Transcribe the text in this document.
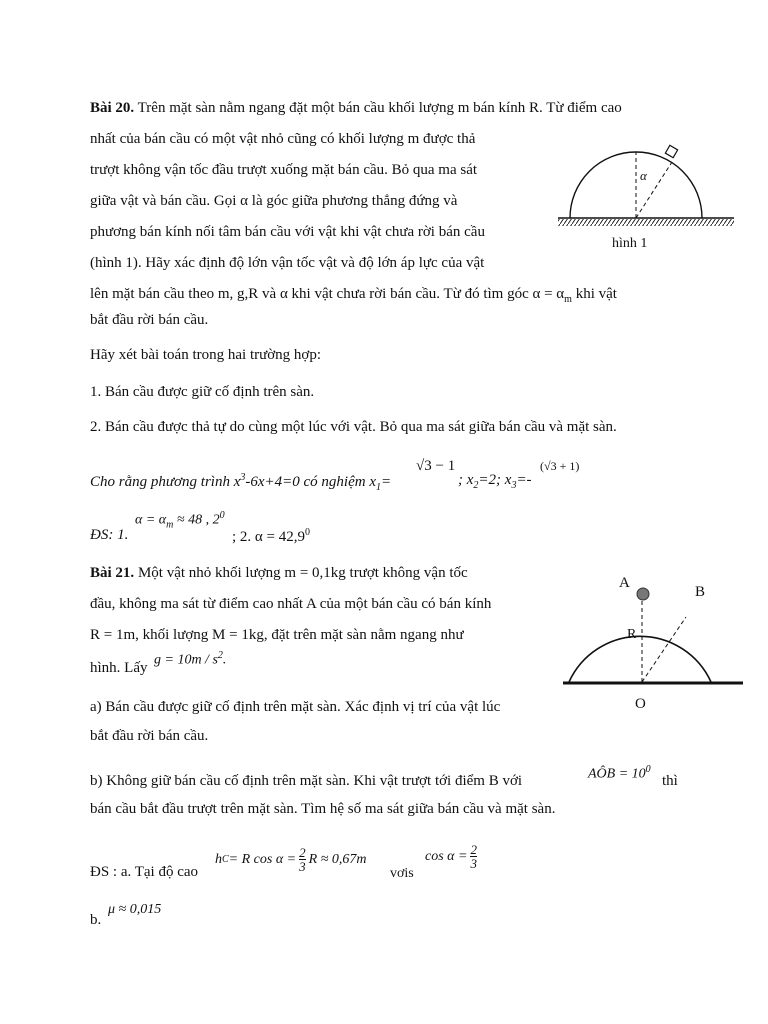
Bài 20. Trên mặt sàn nằm ngang đặt một bán cầu khối lượng m bán kính R. Từ điểm cao
nhất của bán cầu có một vật nhỏ cũng có khối lượng m được thả
trượt không vận tốc đầu trượt xuống mặt bán cầu. Bỏ qua ma sát
giữa vật và bán cầu. Gọi α là góc giữa phương thẳng đứng và
phương bán kính nối tâm bán cầu với vật khi vật chưa rời bán cầu
(hình 1). Hãy xác định độ lớn vận tốc vật và độ lớn áp lực của vật
lên mặt bán cầu theo m, g,R và α khi vật chưa rời bán cầu. Từ đó tìm góc $\alpha = \alpha_m$ khi vật
bắt đầu rời bán cầu.
Hãy xét bài toán trong hai trường hợp:
1. Bán cầu được giữ cố định trên sàn.
2. Bán cầu được thả tự do cùng một lúc với vật. Bỏ qua ma sát giữa bán cầu và mặt sàn.
Cho rằng phương trình $x^3-6x+4=0$ có nghiệm $x_1=$
√3 − 1
; $x_2=2$; $x_3=-$
(√3 + 1)
ĐS: 1.
$\alpha = \alpha_m \approx 48$ , $2^0$
; 2. $\alpha = 42,9^0$
α
hình 1
Bài 21. Một vật nhỏ khối lượng m = 0,1kg trượt không vận tốc
đầu, không ma sát từ điểm cao nhất A của một bán cầu có bán kính
R = 1m, khối lượng M = 1kg, đặt trên mặt sàn nằm ngang như
hình. Lấy $g = 10m / s^2$.
a) Bán cầu được giữ cố định trên mặt sàn. Xác định vị trí của vật lúc
bắt đầu rời bán cầu.
b) Không giữ bán cầu cố định trên mặt sàn. Khi vật trượt tới điểm B với	AÔB = $10^0$
thì
bán cầu bắt đầu trượt trên mặt sàn. Tìm hệ số ma sát giữa bán cầu và mặt sàn.
ĐS : a. Tại độ cao
h C = R $\cos \alpha = \frac{2}{3}$ R ≈ 0,67m
vơis
$\cos \alpha = \frac{2}{3}$
b.
μ ≈ 0,015
A
B
R
O
